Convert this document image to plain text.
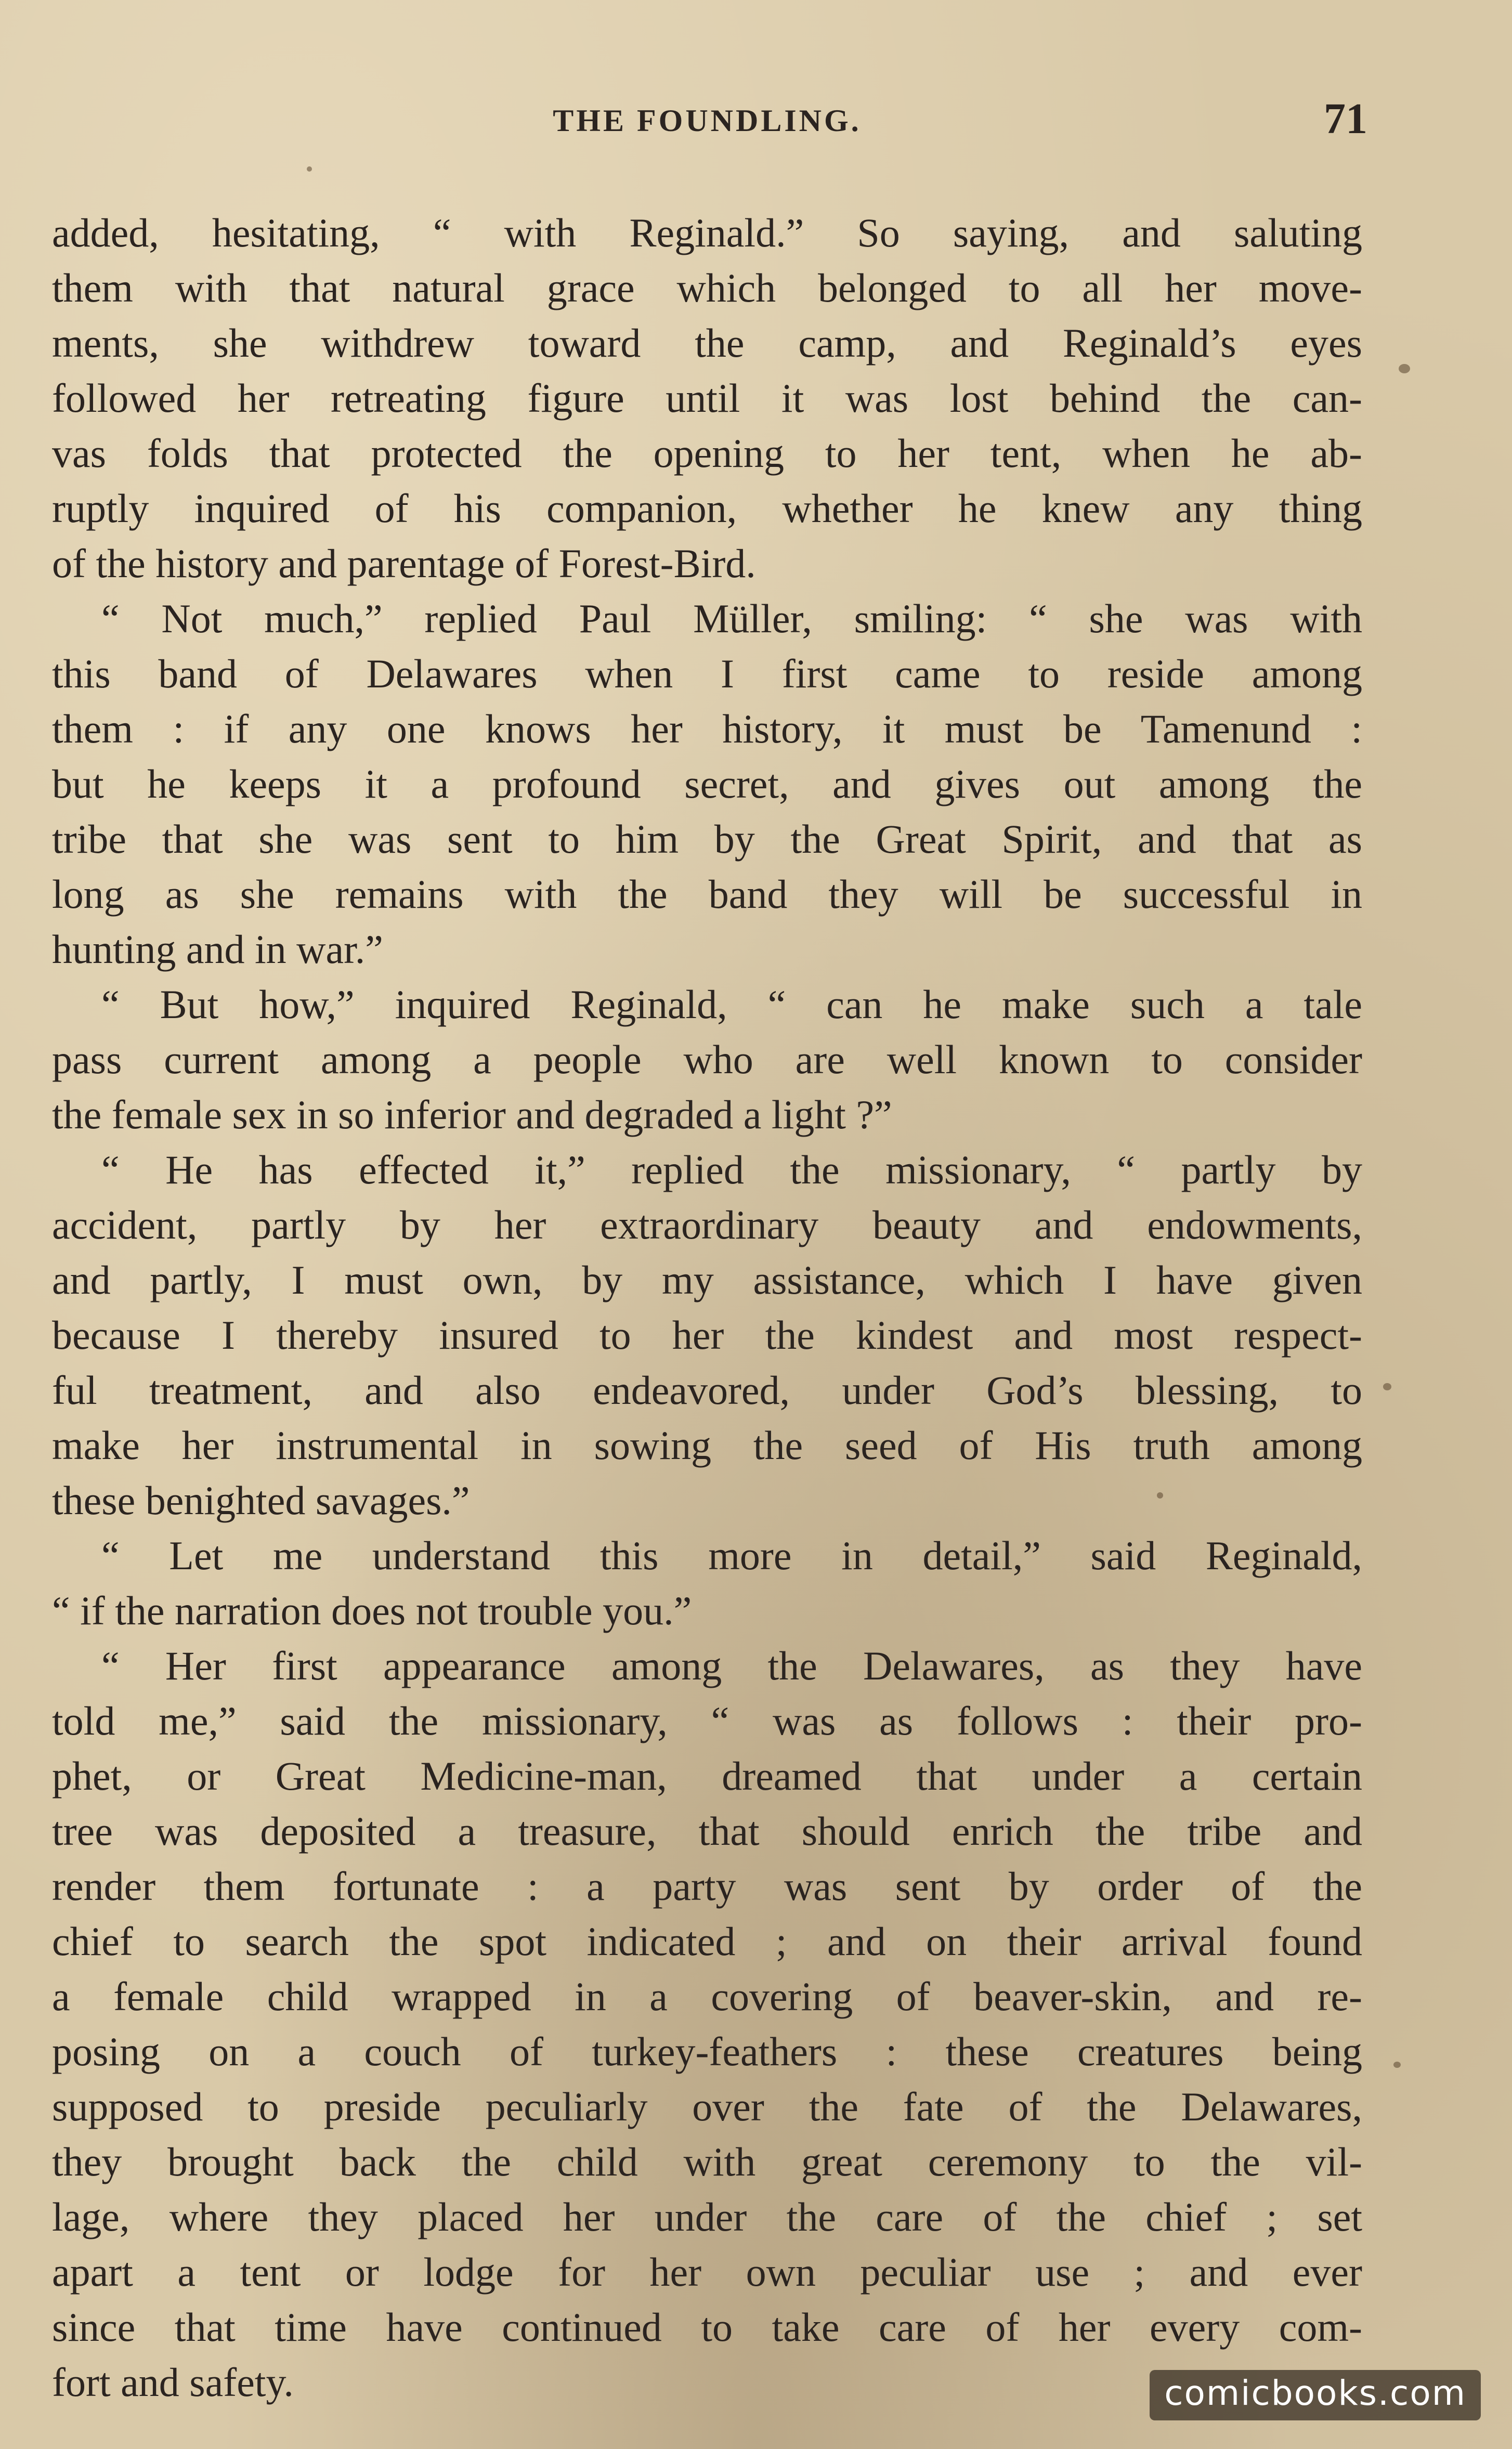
THE FOUNDLING.	71
added, hesitating, “ with Reginald.” So saying, and saluting
them with that natural grace which belonged to all her move-
ments, she withdrew toward the camp, and Reginald’s eyes
followed her retreating figure until it was lost behind the can-
vas folds that protected the opening to her tent, when he ab-
ruptly inquired of his companion, whether he knew any thing
of the history and parentage of Forest-Bird.
“ Not much,” replied Paul Müller, smiling: “ she was with
this band of Delawares when I first came to reside among
them : if any one knows her history, it must be Tamenund :
but he keeps it a profound secret, and gives out among the
tribe that she was sent to him by the Great Spirit, and that as
long as she remains with the band they will be successful in
hunting and in war.”
“ But how,” inquired Reginald, “ can he make such a tale
pass current among a people who are well known to consider
the female sex in so inferior and degraded a light ?”
“ He has effected it,” replied the missionary, “ partly by
accident, partly by her extraordinary beauty and endowments,
and partly, I must own, by my assistance, which I have given
because I thereby insured to her the kindest and most respect-
ful treatment, and also endeavored, under God’s blessing, to
make her instrumental in sowing the seed of His truth among
these benighted savages.”
“ Let me understand this more in detail,” said Reginald,
“ if the narration does not trouble you.”
“ Her first appearance among the Delawares, as they have
told me,” said the missionary, “ was as follows : their pro-
phet, or Great Medicine-man, dreamed that under a certain
tree was deposited a treasure, that should enrich the tribe and
render them fortunate : a party was sent by order of the
chief to search the spot indicated ; and on their arrival found
a female child wrapped in a covering of beaver-skin, and re-
posing on a couch of turkey-feathers : these creatures being
supposed to preside peculiarly over the fate of the Delawares,
they brought back the child with great ceremony to the vil-
lage, where they placed her under the care of the chief ; set
apart a tent or lodge for her own peculiar use ; and ever
since that time have continued to take care of her every com-
fort and safety.	comicbooks.com
